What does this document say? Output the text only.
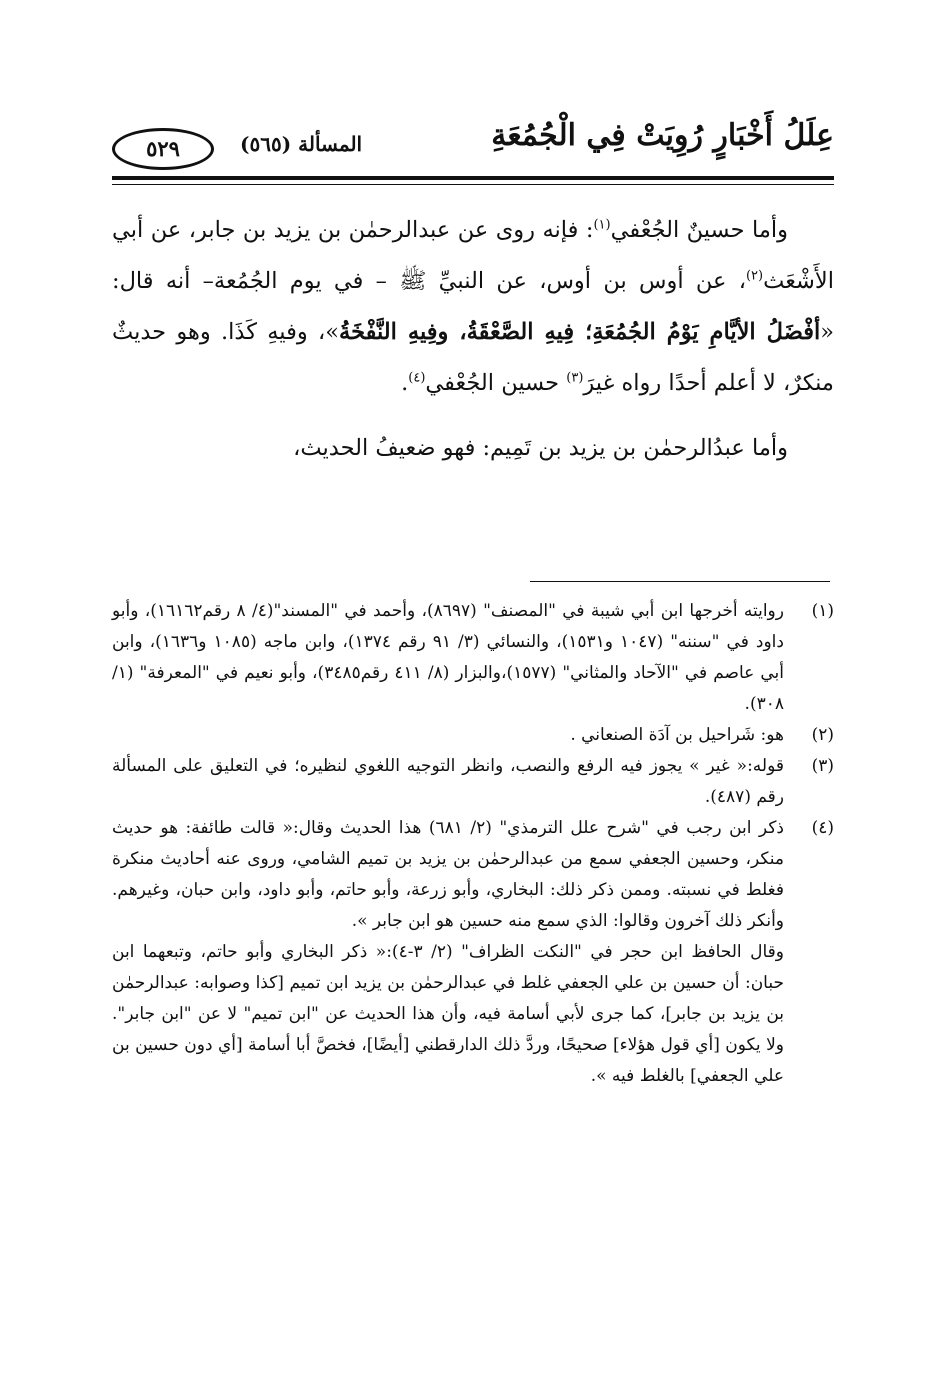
عِلَلُ أَخْبَارٍ رُوِيَتْ فِي الْجُمُعَةِ
المسألة (٥٦٥)
٥٢٩

وأما حسينٌ الجُعْفي$^{(١)}$: فإنه روى عن عبدالرحمٰن بن يزيد بن جابر، عن أبي الأَشْعَث$^{(٢)}$، عن أوس بن أوس، عن النبيِّ ﷺ – في يوم الجُمُعة– أنه قال: «أفْضَلُ الأيَّامِ يَوْمُ الجُمُعَةِ؛ فِيهِ الصَّعْقَةُ، وفِيهِ النَّفْخَةُ»، وفيهِ كَذَا. وهو حديثٌ منكرٌ، لا أعلم أحدًا رواه غيرَ$^{(٣)}$ حسين الجُعْفي$^{(٤)}$.

وأما عبدُالرحمٰن بن يزيد بن تَمِيم: فهو ضعيفُ الحديث،

(١)
روايته أخرجها ابن أبي شيبة في "المصنف" (٨٦٩٧)، وأحمد في "المسند"(٤/ ٨ رقم١٦١٦٢)، وأبو داود في "سننه" (١٠٤٧ و١٥٣١)، والنسائي (٣/ ٩١ رقم ١٣٧٤)، وابن ماجه (١٠٨٥ و١٦٣٦)، وابن أبي عاصم في "الآحاد والمثاني" (١٥٧٧)،والبزار (٨/ ٤١١ رقم٣٤٨٥)، وأبو نعيم في "المعرفة" (١/ ٣٠٨).
(٢)
هو: شَراحيل بن آدَة الصنعاني .
(٣)
قوله:« غير » يجوز فيه الرفع والنصب، وانظر التوجيه اللغوي لنظيره؛ في التعليق على المسألة رقم (٤٨٧).
(٤)
ذكر ابن رجب في "شرح علل الترمذي" (٢/ ٦٨١) هذا الحديث وقال:« قالت طائفة: هو حديث منكر، وحسين الجعفي سمع من عبدالرحمٰن بن يزيد بن تميم الشامي، وروى عنه أحاديث منكرة فغلط في نسبته. وممن ذكر ذلك: البخاري، وأبو زرعة، وأبو حاتم، وأبو داود، وابن حبان، وغيرهم. وأنكر ذلك آخرون وقالوا: الذي سمع منه حسين هو ابن جابر ».
وقال الحافظ ابن حجر في "النكت الظراف" (٢/ ٣-٤):« ذكر البخاري وأبو حاتم، وتبعهما ابن حبان: أن حسين بن علي الجعفي غلط في عبدالرحمٰن بن يزيد ابن تميم [كذا وصوابه: عبدالرحمٰن بن يزيد بن جابر]، كما جرى لأبي أسامة فيه، وأن هذا الحديث عن "ابن تميم" لا عن "ابن جابر". ولا يكون [أي قول هؤلاء] صحيحًا، وردَّ ذلك الدارقطني [أيضًا]، فخصَّ أبا أسامة [أي دون حسين بن علي الجعفي] بالغلط فيه ».
